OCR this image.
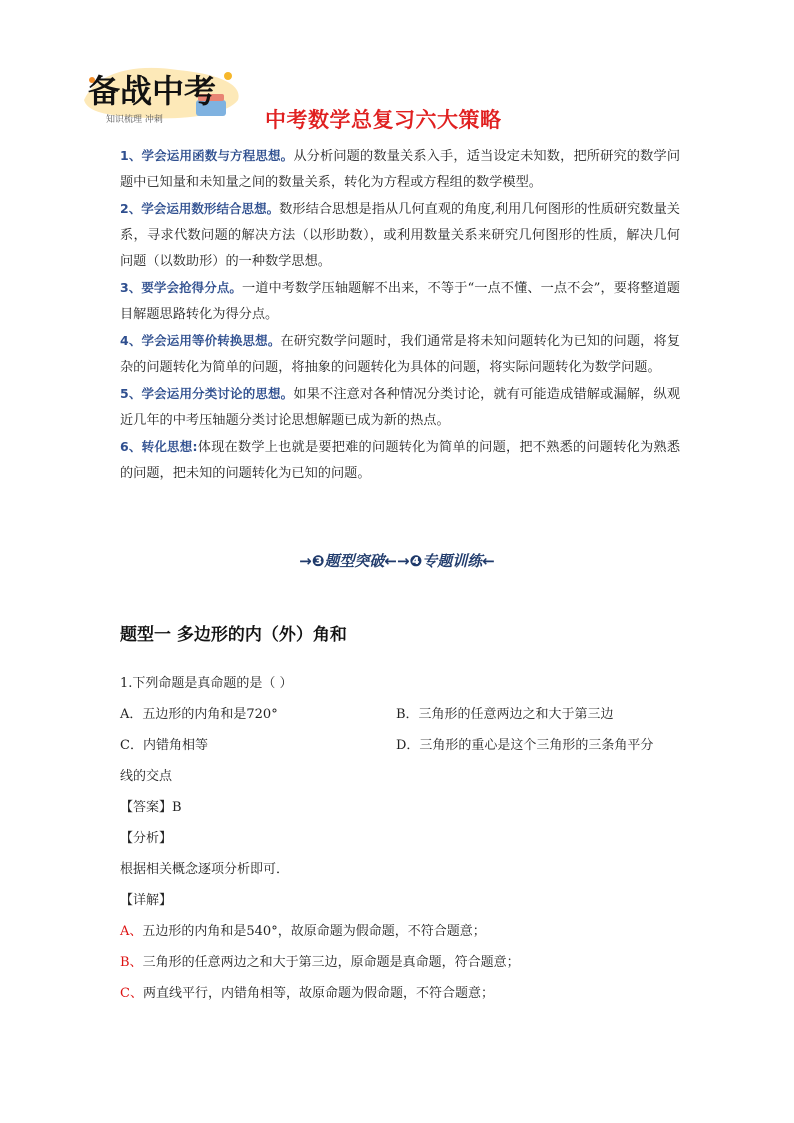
备战中考
知识梳理 冲刺	中考数学总复习六大策略

1、学会运用函数与方程思想。从分析问题的数量关系入手，适当设定未知数，把所研究的数学问题中已知量和未知量之间的数量关系，转化为方程或方程组的数学模型。

2、学会运用数形结合思想。数形结合思想是指从几何直观的角度,利用几何图形的性质研究数量关系，寻求代数问题的解决方法（以形助数），或利用数量关系来研究几何图形的性质，解决几何问题（以数助形）的一种数学思想。

3、要学会抢得分点。一道中考数学压轴题解不出来，不等于“一点不懂、一点不会”，要将整道题目解题思路转化为得分点。

4、学会运用等价转换思想。在研究数学问题时，我们通常是将未知问题转化为已知的问题，将复杂的问题转化为简单的问题，将抽象的问题转化为具体的问题，将实际问题转化为数学问题。

5、学会运用分类讨论的思想。如果不注意对各种情况分类讨论，就有可能造成错解或漏解，纵观近几年的中考压轴题分类讨论思想解题已成为新的热点。

6、转化思想:体现在数学上也就是要把难的问题转化为简单的问题，把不熟悉的问题转化为熟悉的问题，把未知的问题转化为已知的问题。

→❸题型突破←→❹专题训练←
题型一 多边形的内（外）角和

1.下列命题是真命题的是（ ）

A．五边形的内角和是720°	B．三角形的任意两边之和大于第三边
C．内错角相等	D．三角形的重心是这个三角形的三条角平分

线的交点

【答案】B

【分析】

根据相关概念逐项分析即可．

【详解】

A、五边形的内角和是540°，故原命题为假命题，不符合题意；

B、三角形的任意两边之和大于第三边，原命题是真命题，符合题意；

C、两直线平行，内错角相等，故原命题为假命题，不符合题意；
